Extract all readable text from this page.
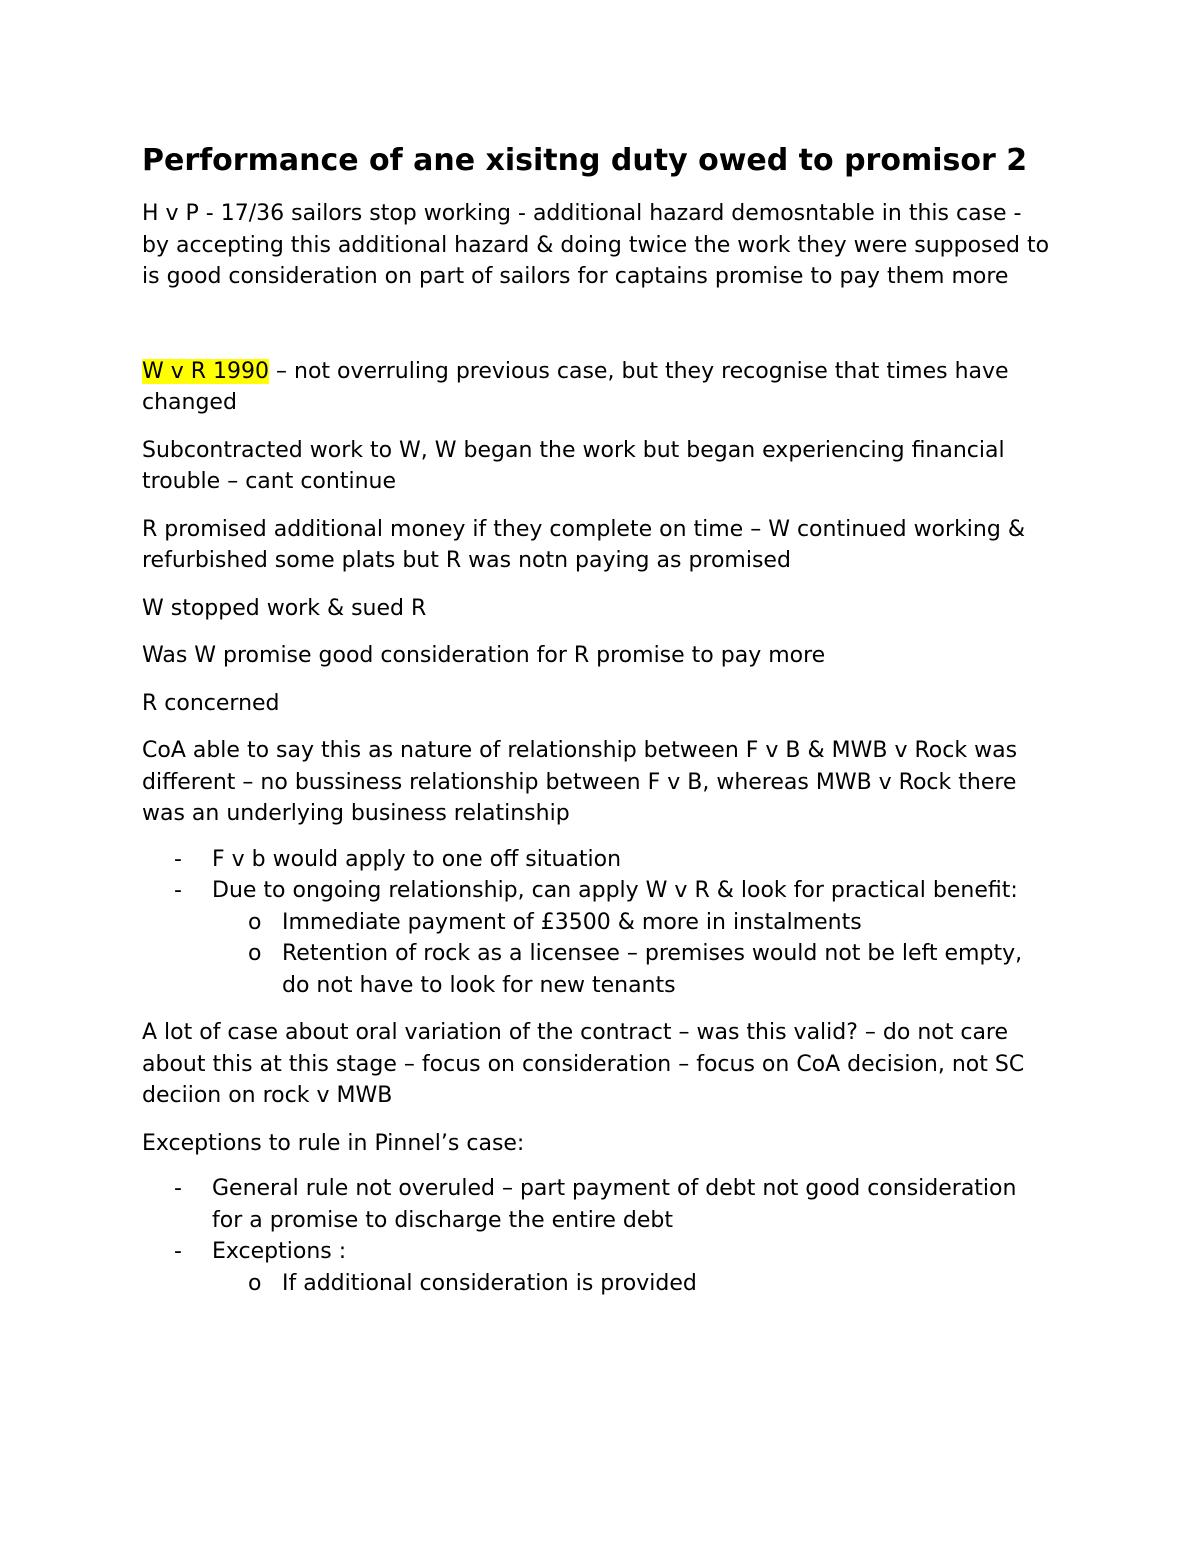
Performance of ane xisitng duty owed to promisor 2

H v P - 17/36 sailors stop working - additional hazard demosntable in this case - by accepting this additional hazard & doing twice the work they were supposed to is good consideration on part of sailors for captains promise to pay them more

W v R 1990 – not overruling previous case, but they recognise that times have changed

Subcontracted work to W, W began the work but began experiencing financial trouble – cant continue

R promised additional money if they complete on time – W continued working & refurbished some plats but R was notn paying as promised

W stopped work & sued R

Was W promise good consideration for R promise to pay more

R concerned

CoA able to say this as nature of relationship between F v B & MWB v Rock was different – no bussiness relationship between F v B, whereas MWB v Rock there was an underlying business relatinship

- F v b would apply to one off situation
- Due to ongoing relationship, can apply W v R & look for practical benefit:
o Immediate payment of £3500 & more in instalments
o Retention of rock as a licensee – premises would not be left empty, do not have to look for new tenants

A lot of case about oral variation of the contract – was this valid? – do not care about this at this stage – focus on consideration – focus on CoA decision, not SC deciion on rock v MWB

Exceptions to rule in Pinnel’s case:

- General rule not overuled – part payment of debt not good consideration for a promise to discharge the entire debt
- Exceptions :
o If additional consideration is provided
